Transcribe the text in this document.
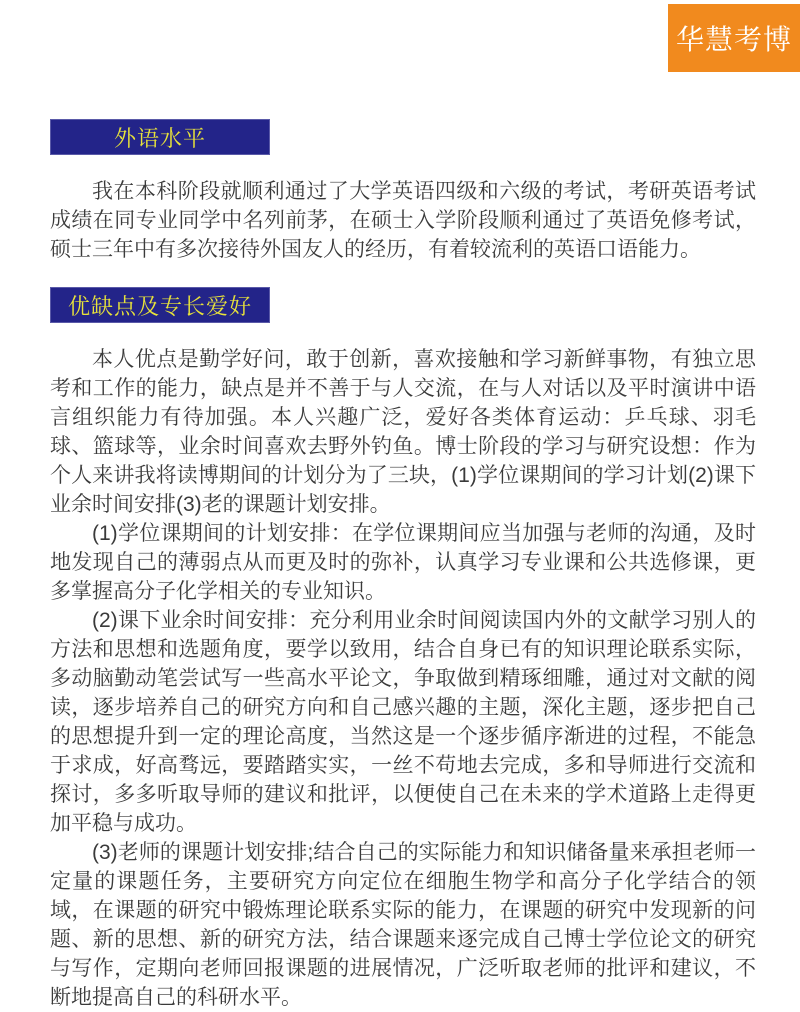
华慧考博
外语水平

我在本科阶段就顺利通过了大学英语四级和六级的考试，考研英语考试成绩在同专业同学中名列前茅，在硕士入学阶段顺利通过了英语免修考试，硕士三年中有多次接待外国友人的经历，有着较流利的英语口语能力。

优缺点及专长爱好

本人优点是勤学好问，敢于创新，喜欢接触和学习新鲜事物，有独立思考和工作的能力，缺点是并不善于与人交流，在与人对话以及平时演讲中语言组织能力有待加强。本人兴趣广泛，爱好各类体育运动：乒乓球、羽毛球、篮球等，业余时间喜欢去野外钓鱼。博士阶段的学习与研究设想：作为个人来讲我将读博期间的计划分为了三块，(1)学位课期间的学习计划(2)课下业余时间安排(3)老的课题计划安排。

(1)学位课期间的计划安排：在学位课期间应当加强与老师的沟通，及时地发现自己的薄弱点从而更及时的弥补，认真学习专业课和公共选修课，更多掌握高分子化学相关的专业知识。

(2)课下业余时间安排：充分利用业余时间阅读国内外的文献学习别人的方法和思想和选题角度，要学以致用，结合自身已有的知识理论联系实际，多动脑勤动笔尝试写一些高水平论文，争取做到精琢细雕，通过对文献的阅读，逐步培养自己的研究方向和自己感兴趣的主题，深化主题，逐步把自己的思想提升到一定的理论高度，当然这是一个逐步循序渐进的过程，不能急于求成，好高骛远，要踏踏实实，一丝不苟地去完成，多和导师进行交流和探讨，多多听取导师的建议和批评，以便使自己在未来的学术道路上走得更加平稳与成功。

(3)老师的课题计划安排;结合自己的实际能力和知识储备量来承担老师一定量的课题任务，主要研究方向定位在细胞生物学和高分子化学结合的领域，在课题的研究中锻炼理论联系实际的能力，在课题的研究中发现新的问题、新的思想、新的研究方法，结合课题来逐完成自己博士学位论文的研究与写作，定期向老师回报课题的进展情况，广泛听取老师的批评和建议，不断地提高自己的科研水平。
